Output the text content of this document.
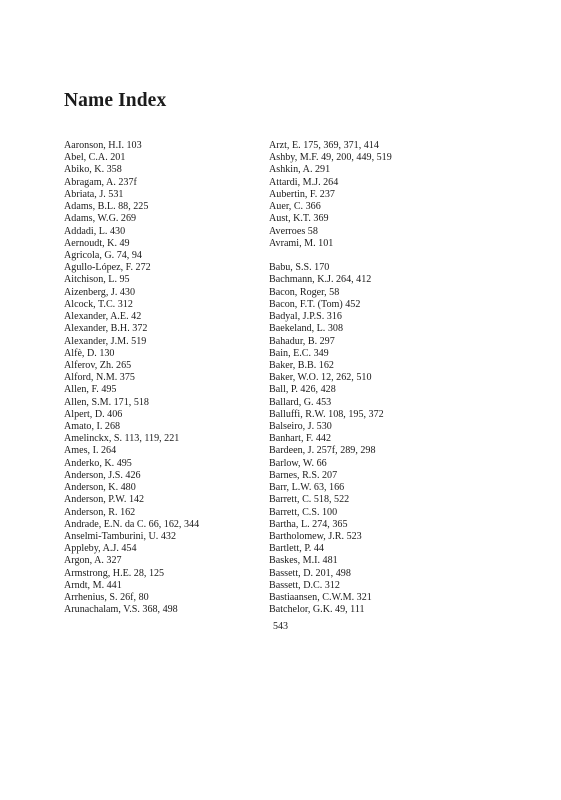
Name Index
Aaronson, H.I. 103
Abel, C.A. 201
Abiko, K. 358
Abragam, A. 237f
Abriata, J. 531
Adams, B.L. 88, 225
Adams, W.G. 269
Addadi, L. 430
Aernoudt, K. 49
Agricola, G. 74, 94
Agullo-López, F. 272
Aitchison, L. 95
Aizenberg, J. 430
Alcock, T.C. 312
Alexander, A.E. 42
Alexander, B.H. 372
Alexander, J.M. 519
Alfè, D. 130
Alferov, Zh. 265
Alford, N.M. 375
Allen, F. 495
Allen, S.M. 171, 518
Alpert, D. 406
Amato, I. 268
Amelinckx, S. 113, 119, 221
Ames, I. 264
Anderko, K. 495
Anderson, J.S. 426
Anderson, K. 480
Anderson, P.W. 142
Anderson, R. 162
Andrade, E.N. da C. 66, 162, 344
Anselmi-Tamburini, U. 432
Appleby, A.J. 454
Argon, A. 327
Armstrong, H.E. 28, 125
Arndt, M. 441
Arrhenius, S. 26f, 80
Arunachalam, V.S. 368, 498
Arzt, E. 175, 369, 371, 414
Ashby, M.F. 49, 200, 449, 519
Ashkin, A. 291
Attardi, M.J. 264
Aubertin, F. 237
Auer, C. 366
Aust, K.T. 369
Averroes 58
Avrami, M. 101
Babu, S.S. 170
Bachmann, K.J. 264, 412
Bacon, Roger, 58
Bacon, F.T. (Tom) 452
Badyal, J.P.S. 316
Baekeland, L. 308
Bahadur, B. 297
Bain, E.C. 349
Baker, B.B. 162
Baker, W.O. 12, 262, 510
Ball, P. 426, 428
Ballard, G. 453
Balluffi, R.W. 108, 195, 372
Balseiro, J. 530
Banhart, F. 442
Bardeen, J. 257f, 289, 298
Barlow, W. 66
Barnes, R.S. 207
Barr, L.W. 63, 166
Barrett, C. 518, 522
Barrett, C.S. 100
Bartha, L. 274, 365
Bartholomew, J.R. 523
Bartlett, P. 44
Baskes, M.I. 481
Bassett, D. 201, 498
Bassett, D.C. 312
Bastiaansen, C.W.M. 321
Batchelor, G.K. 49, 111
543
